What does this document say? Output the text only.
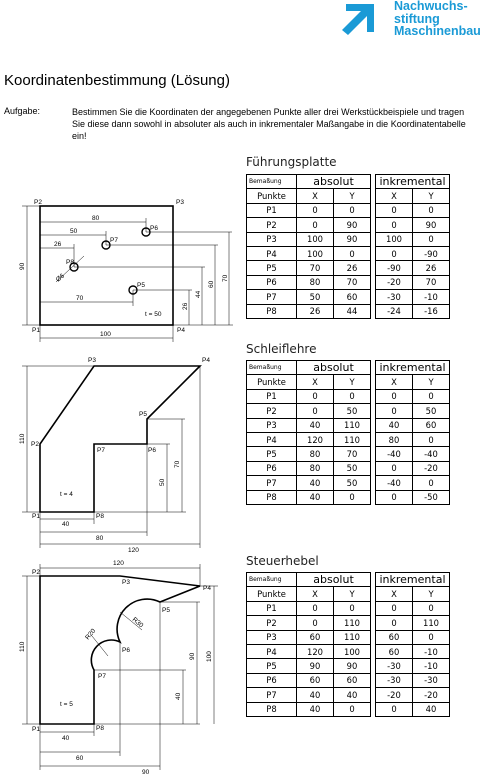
Nachwuchs-
stiftung
Maschinenbau
Koordinatenbestimmung (Lösung)
Aufgabe:	Bestimmen Sie die Koordinaten der angegebenen Punkte aller drei Werkstückbeispiele und tragen Sie diese dann sowohl in absoluter als auch in inkrementaler Maßangabe in die Koordinatentabelle ein!
Führungsplatte
P2	P3
P1	P4
P6
P7
P8
P5
80
50
26
70
100
t = 50
Ø6
90
70
60
44
26
Bemaßung	absolut			inkremental	
Punkte	X	Y		X	Y
P1	0	0		0	0
P2	0	90		0	90
P3	100	90		100	0
P4	100	0		0	-90
P5	70	26		-90	26
P6	80	70		-20	70
P7	50	60		-30	-10
P8	26	44		-24	-16
Schleiflehre
P3	P4
P2
P5
P6
P7
P8
P1
t = 4
40
80
120
110
50
70
Bemaßung	absolut			inkremental	
Punkte	X	Y		X	Y
P1	0	0		0	0
P2	0	50		0	50
P3	40	110		40	60
P4	120	110		80	0
P5	80	70		-40	-40
P6	80	50		0	-20
P7	40	50		-40	0
P8	40	0		0	-50
Steuerhebel
120
P2
P3
P4
P5
P6
P7
P8
P1
R30
R20
t = 5
40
60
90
110
40
90 100
Bemaßung	absolut			inkremental	
Punkte	X	Y		X	Y
P1	0	0		0	0
P2	0	110		0	110
P3	60	110		60	0
P4	120	100		60	-10
P5	90	90		-30	-10
P6	60	60		-30	-30
P7	40	40		-20	-20
P8	40	0		0	40
